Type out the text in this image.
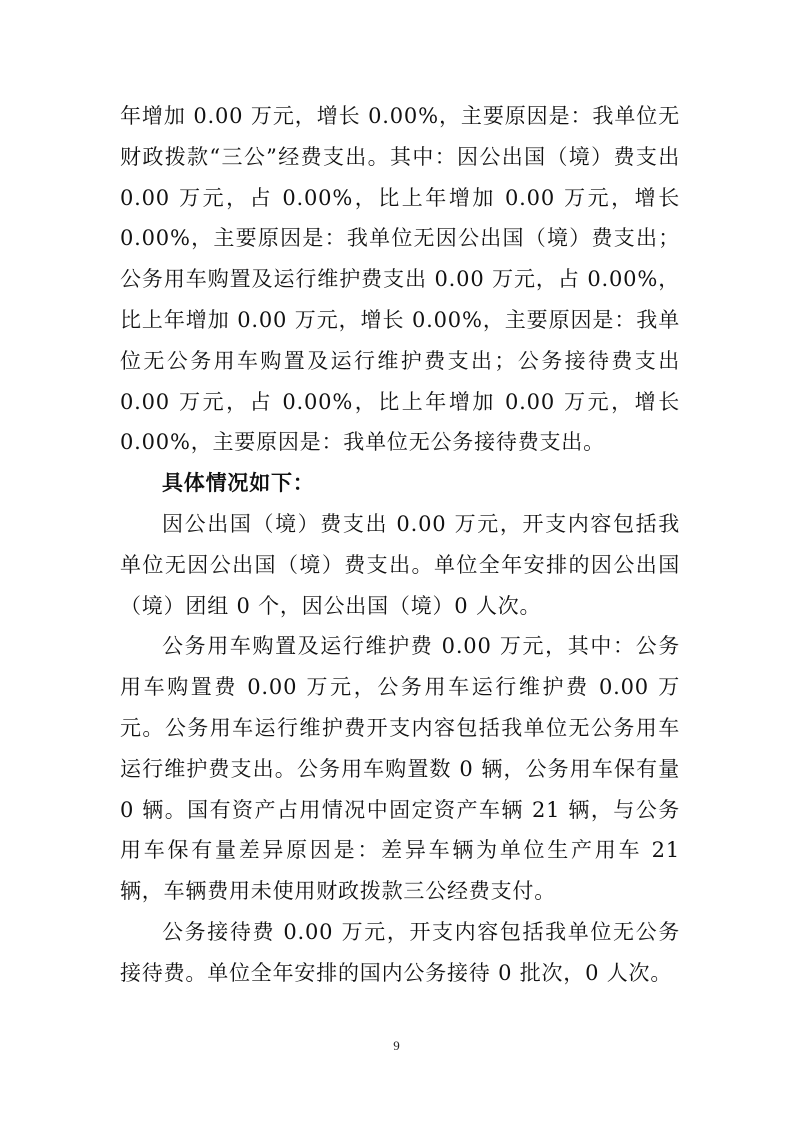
年增加 0.00 万元，增长 0.00%，主要原因是：我单位无财政拨款“三公”经费支出。其中：因公出国（境）费支出 0.00 万元，占 0.00%，比上年增加 0.00 万元，增长 0.00%，主要原因是：我单位无因公出国（境）费支出；公务用车购置及运行维护费支出 0.00 万元，占 0.00%，比上年增加 0.00 万元，增长 0.00%，主要原因是：我单位无公务用车购置及运行维护费支出；公务接待费支出 0.00 万元，占 0.00%，比上年增加 0.00 万元，增长 0.00%，主要原因是：我单位无公务接待费支出。

具体情况如下：

因公出国（境）费支出 0.00 万元，开支内容包括我单位无因公出国（境）费支出。单位全年安排的因公出国（境）团组 0 个，因公出国（境）0 人次。

公务用车购置及运行维护费 0.00 万元，其中：公务用车购置费 0.00 万元，公务用车运行维护费 0.00 万元。公务用车运行维护费开支内容包括我单位无公务用车运行维护费支出。公务用车购置数 0 辆，公务用车保有量 0 辆。国有资产占用情况中固定资产车辆 21 辆，与公务用车保有量差异原因是：差异车辆为单位生产用车 21 辆，车辆费用未使用财政拨款三公经费支付。

公务接待费 0.00 万元，开支内容包括我单位无公务接待费。单位全年安排的国内公务接待 0 批次，0 人次。

9
